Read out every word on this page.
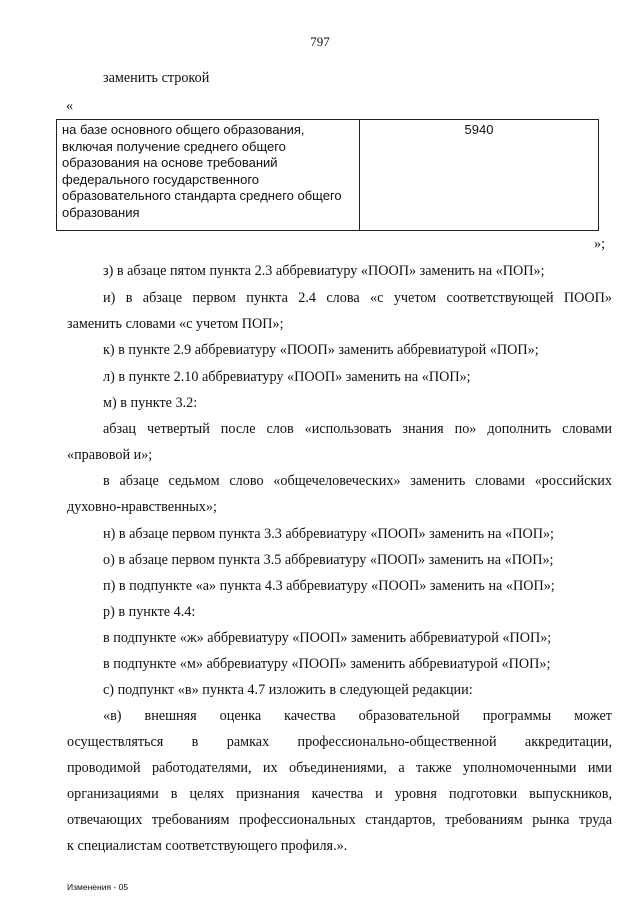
797
заменить строкой
«
на базе основного общего образования, включая получение среднего общего образования на основе требований федерального государственного образовательного стандарта среднего общего образования	5940
»;
з) в абзаце пятом пункта 2.3 аббревиатуру «ПООП» заменить на «ПОП»;
и) в абзаце первом пункта 2.4 слова «с учетом соответствующей ПООП»
заменить словами «с учетом ПОП»;
к) в пункте 2.9 аббревиатуру «ПООП» заменить аббревиатурой «ПОП»;
л) в пункте 2.10 аббревиатуру «ПООП» заменить на «ПОП»;
м) в пункте 3.2:
абзац четвертый после слов «использовать знания по» дополнить словами
«правовой и»;
в абзаце седьмом слово «общечеловеческих» заменить словами «российских
духовно-нравственных»;
н) в абзаце первом пункта 3.3 аббревиатуру «ПООП» заменить на «ПОП»;
о) в абзаце первом пункта 3.5 аббревиатуру «ПООП» заменить на «ПОП»;
п) в подпункте «а» пункта 4.3 аббревиатуру «ПООП» заменить на «ПОП»;
р) в пункте 4.4:
в подпункте «ж» аббревиатуру «ПООП» заменить аббревиатурой «ПОП»;
в подпункте «м» аббревиатуру «ПООП» заменить аббревиатурой «ПОП»;
с) подпункт «в» пункта 4.7 изложить в следующей редакции:
«в) внешняя оценка качества образовательной программы может
осуществляться в рамках профессионально-общественной аккредитации,
проводимой работодателями, их объединениями, а также уполномоченными ими
организациями в целях признания качества и уровня подготовки выпускников,
отвечающих требованиям профессиональных стандартов, требованиям рынка труда
к специалистам соответствующего профиля.».
Изменения - 05
